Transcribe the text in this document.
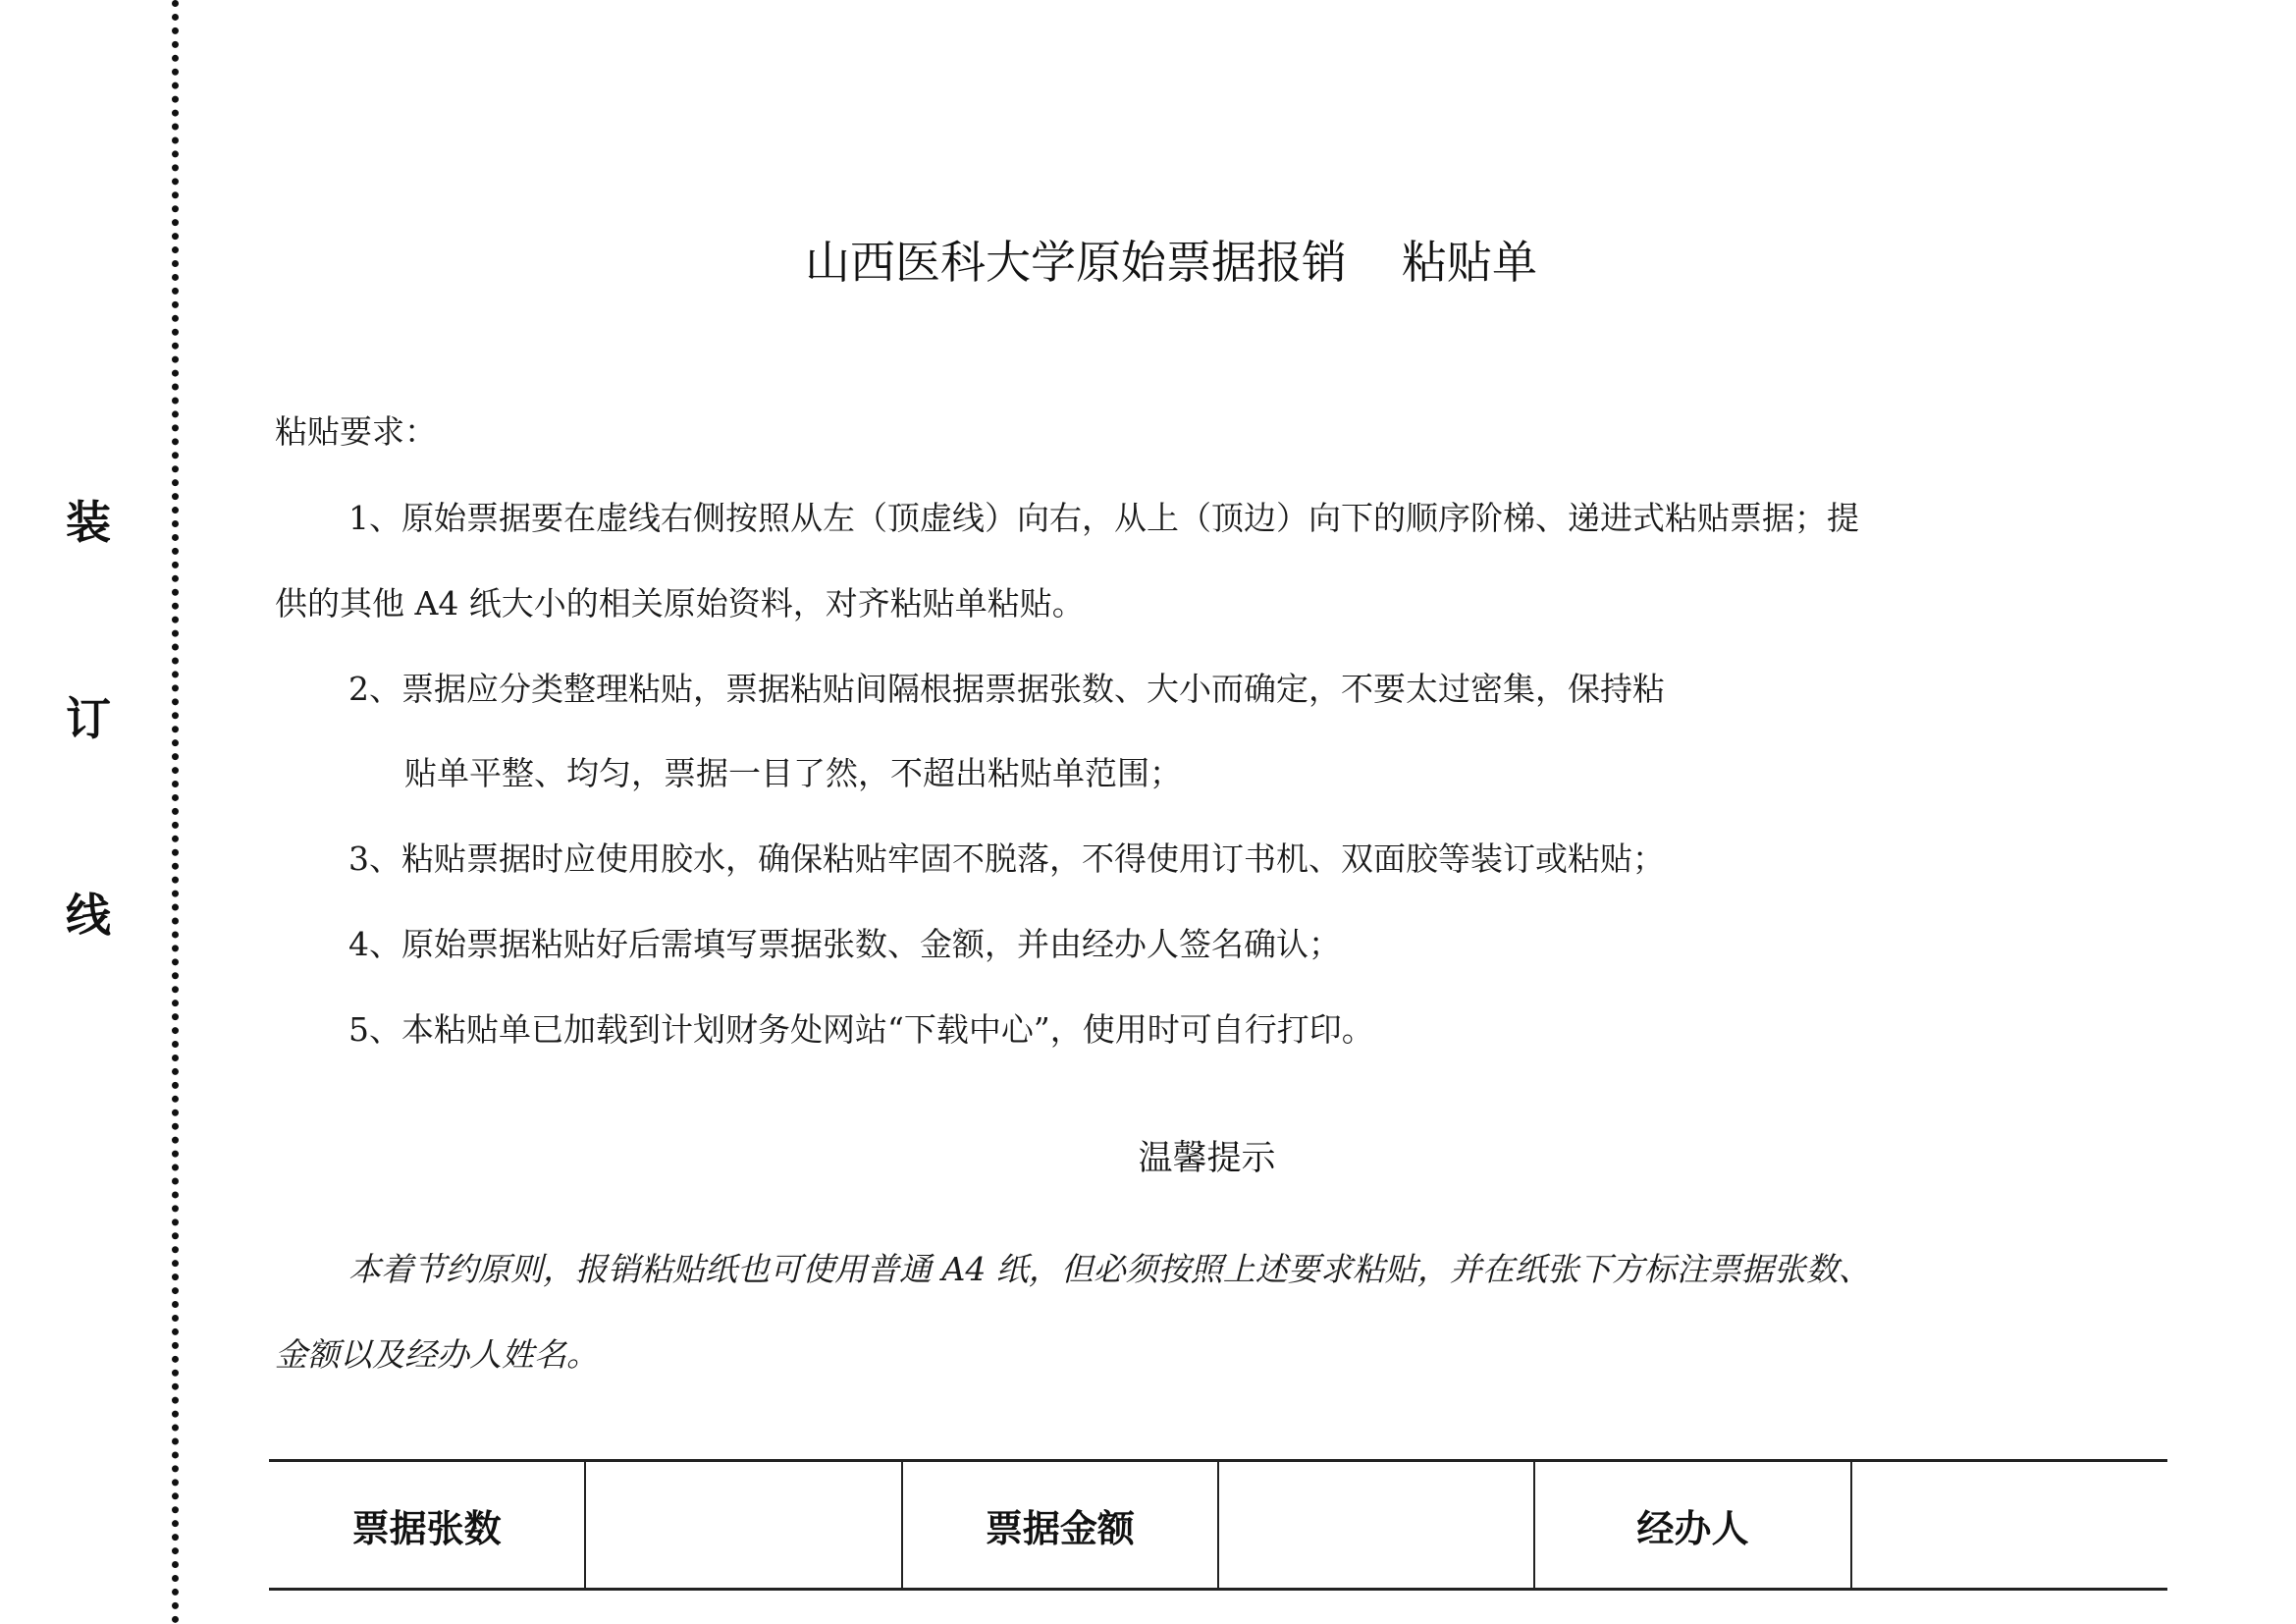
装
订
线
山西医科大学原始票据报销 粘贴单
粘贴要求：
1、原始票据要在虚线右侧按照从左（顶虚线）向右，从上（顶边）向下的顺序阶梯、递进式粘贴票据；提
供的其他 A4 纸大小的相关原始资料，对齐粘贴单粘贴。
2、票据应分类整理粘贴，票据粘贴间隔根据票据张数、大小而确定，不要太过密集，保持粘
贴单平整、均匀，票据一目了然，不超出粘贴单范围；
3、粘贴票据时应使用胶水，确保粘贴牢固不脱落，不得使用订书机、双面胶等装订或粘贴；
4、原始票据粘贴好后需填写票据张数、金额，并由经办人签名确认；
5、本粘贴单已加载到计划财务处网站“下载中心”，使用时可自行打印。
温馨提示
本着节约原则，报销粘贴纸也可使用普通 A4 纸，但必须按照上述要求粘贴，并在纸张下方标注票据张数、
金额以及经办人姓名。
票据张数		票据金额		经办人	
